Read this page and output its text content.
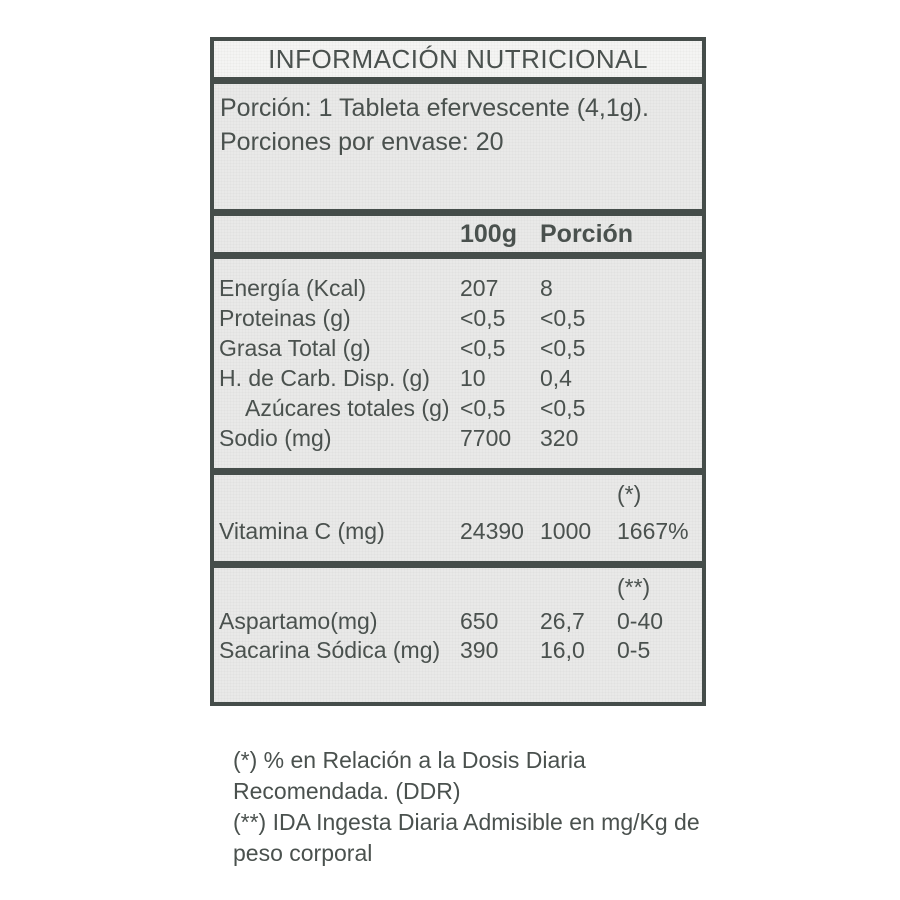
INFORMACIÓN NUTRICIONAL
Porción: 1 Tableta efervescente (4,1g).
Porciones por envase: 20
100g Porción
Energía (Kcal)	207 8
Proteinas (g)	<0,5 <0,5
Grasa Total (g)	<0,5 <0,5
H. de Carb. Disp. (g) 10 0,4
Azúcares totales (g) <0,5 <0,5
Sodio (mg)	7700 320
(*)
Vitamina C (mg)	24390 1000 1667%
(**)
Aspartamo(mg)	650 26,7 0-40
Sacarina Sódica (mg) 390 16,0 0-5
(*) % en Relación a la Dosis Diaria
Recomendada. (DDR)
(**) IDA Ingesta Diaria Admisible en mg/Kg de
peso corporal
